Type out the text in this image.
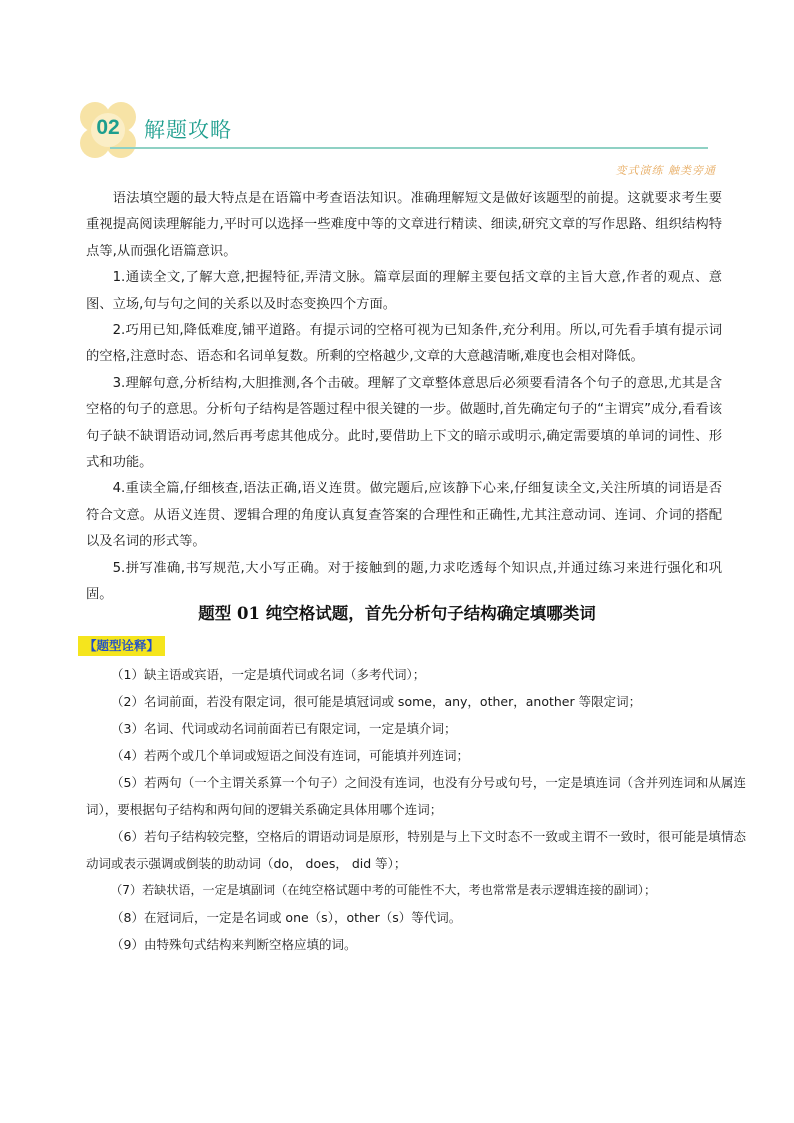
02	解题攻略
变式演练 触类旁通

语法填空题的最大特点是在语篇中考查语法知识。准确理解短文是做好该题型的前提。这就要求考生要重视提高阅读理解能力,平时可以选择一些难度中等的文章进行精读、细读,研究文章的写作思路、组织结构特点等,从而强化语篇意识。

1.通读全文,了解大意,把握特征,弄清文脉。篇章层面的理解主要包括文章的主旨大意,作者的观点、意图、立场,句与句之间的关系以及时态变换四个方面。

2.巧用已知,降低难度,铺平道路。有提示词的空格可视为已知条件,充分利用。所以,可先看手填有提示词的空格,注意时态、语态和名词单复数。所剩的空格越少,文章的大意越清晰,难度也会相对降低。

3.理解句意,分析结构,大胆推测,各个击破。理解了文章整体意思后必须要看清各个句子的意思,尤其是含空格的句子的意思。分析句子结构是答题过程中很关键的一步。做题时,首先确定句子的“主谓宾”成分,看看该句子缺不缺谓语动词,然后再考虑其他成分。此时,要借助上下文的暗示或明示,确定需要填的单词的词性、形式和功能。

4.重读全篇,仔细核查,语法正确,语义连贯。做完题后,应该静下心来,仔细复读全文,关注所填的词语是否符合文意。从语义连贯、逻辑合理的角度认真复查答案的合理性和正确性,尤其注意动词、连词、介词的搭配以及名词的形式等。

5.拼写准确,书写规范,大小写正确。对于接触到的题,力求吃透每个知识点,并通过练习来进行强化和巩固。

题型 01 纯空格试题，首先分析句子结构确定填哪类词
【题型诠释】

（1）缺主语或宾语，一定是填代词或名词（多考代词）；

（2）名词前面，若没有限定词，很可能是填冠词或 some，any，other，another 等限定词；

（3）名词、代词或动名词前面若已有限定词，一定是填介词；

（4）若两个或几个单词或短语之间没有连词，可能填并列连词；

（5）若两句（一个主谓关系算一个句子）之间没有连词，也没有分号或句号，一定是填连词（含并列连词和从属连词），要根据句子结构和两句间的逻辑关系确定具体用哪个连词；

（6）若句子结构较完整，空格后的谓语动词是原形，特别是与上下文时态不一致或主谓不一致时，很可能是填情态动词或表示强调或倒装的助动词（do， does， did 等）；

（7）若缺状语，一定是填副词（在纯空格试题中考的可能性不大，考也常常是表示逻辑连接的副词）；

（8）在冠词后，一定是名词或 one（s），other（s）等代词。

（9）由特殊句式结构来判断空格应填的词。
